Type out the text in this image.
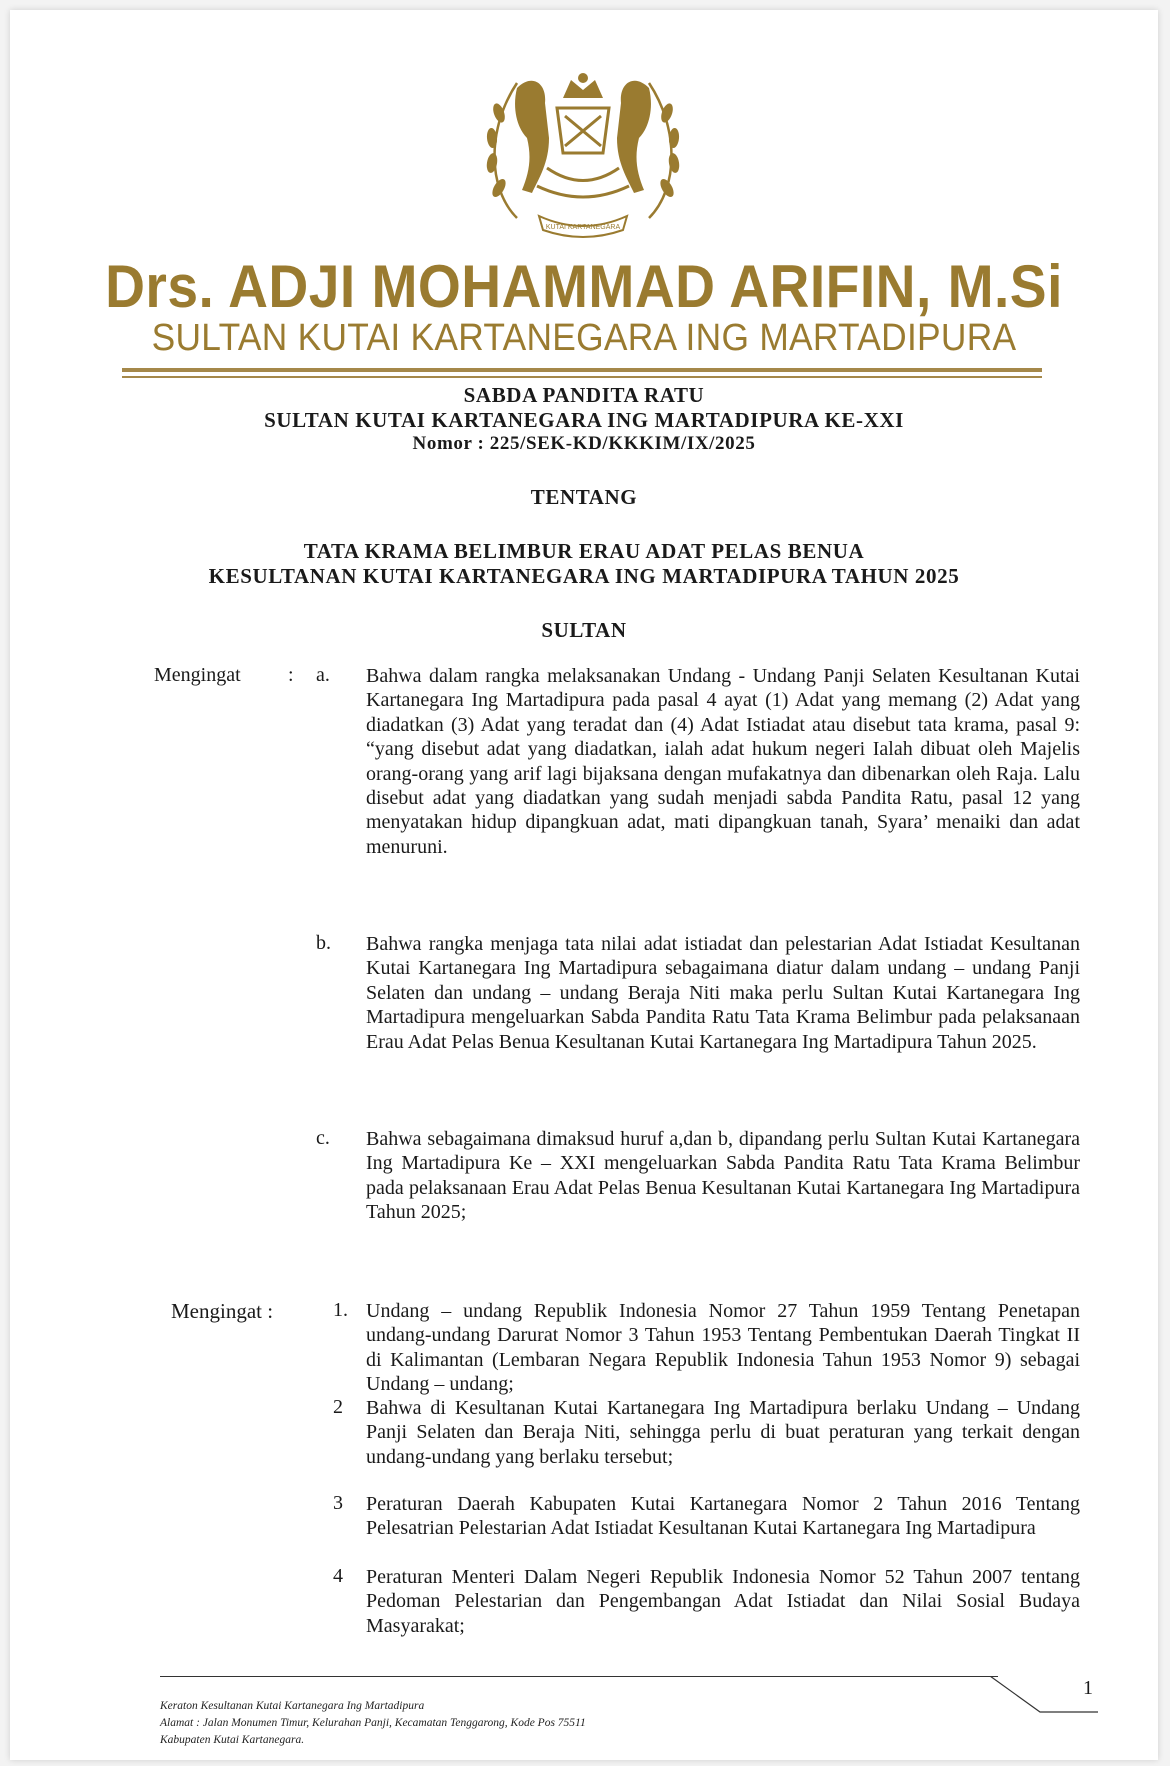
KUTAI KARTANEGARA
Drs. ADJI MOHAMMAD ARIFIN, M.Si
SULTAN KUTAI KARTANEGARA ING MARTADIPURA
SABDA PANDITA RATU
SULTAN KUTAI KARTANEGARA ING MARTADIPURA KE-XXI
Nomor : 225/SEK-KD/KKKIM/IX/2025
TENTANG
TATA KRAMA BELIMBUR ERAU ADAT PELAS BENUA
KESULTANAN KUTAI KARTANEGARA ING MARTADIPURA TAHUN 2025
SULTAN
Mengingat : a. Bahwa dalam rangka melaksanakan Undang - Undang Panji Selaten Kesultanan Kutai Kartanegara Ing Martadipura pada pasal 4 ayat (1) Adat yang memang (2) Adat yang diadatkan (3) Adat yang teradat dan (4) Adat Istiadat atau disebut tata krama, pasal 9: “yang disebut adat yang diadatkan, ialah adat hukum negeri Ialah dibuat oleh Majelis orang-orang yang arif lagi bijaksana dengan mufakatnya dan dibenarkan oleh Raja. Lalu disebut adat yang diadatkan yang sudah menjadi sabda Pandita Ratu, pasal 12 yang menyatakan hidup dipangkuan adat, mati dipangkuan tanah, Syara’ menaiki dan adat menuruni.
b. Bahwa rangka menjaga tata nilai adat istiadat dan pelestarian Adat Istiadat Kesultanan Kutai Kartanegara Ing Martadipura sebagaimana diatur dalam undang – undang Panji Selaten dan undang – undang Beraja Niti maka perlu Sultan Kutai Kartanegara Ing Martadipura mengeluarkan Sabda Pandita Ratu Tata Krama Belimbur pada pelaksanaan Erau Adat Pelas Benua Kesultanan Kutai Kartanegara Ing Martadipura Tahun 2025.
c. Bahwa sebagaimana dimaksud huruf a,dan b, dipandang perlu Sultan Kutai Kartanegara Ing Martadipura Ke – XXI mengeluarkan Sabda Pandita Ratu Tata Krama Belimbur pada pelaksanaan Erau Adat Pelas Benua Kesultanan Kutai Kartanegara Ing Martadipura Tahun 2025;
Mengingat :	1. Undang – undang Republik Indonesia Nomor 27 Tahun 1959 Tentang Penetapan undang-undang Darurat Nomor 3 Tahun 1953 Tentang Pembentukan Daerah Tingkat II di Kalimantan (Lembaran Negara Republik Indonesia Tahun 1953 Nomor 9) sebagai Undang – undang;
2 Bahwa di Kesultanan Kutai Kartanegara Ing Martadipura berlaku Undang – Undang Panji Selaten dan Beraja Niti, sehingga perlu di buat peraturan yang terkait dengan undang-undang yang berlaku tersebut;
3 Peraturan Daerah Kabupaten Kutai Kartanegara Nomor 2 Tahun 2016 Tentang Pelesatrian Pelestarian Adat Istiadat Kesultanan Kutai Kartanegara Ing Martadipura
4 Peraturan Menteri Dalam Negeri Republik Indonesia Nomor 52 Tahun 2007 tentang Pedoman Pelestarian dan Pengembangan Adat Istiadat dan Nilai Sosial Budaya Masyarakat;
1
Keraton Kesultanan Kutai Kartanegara Ing Martadipura
Alamat : Jalan Monumen Timur, Kelurahan Panji, Kecamatan Tenggarong, Kode Pos 75511
Kabupaten Kutai Kartanegara.
